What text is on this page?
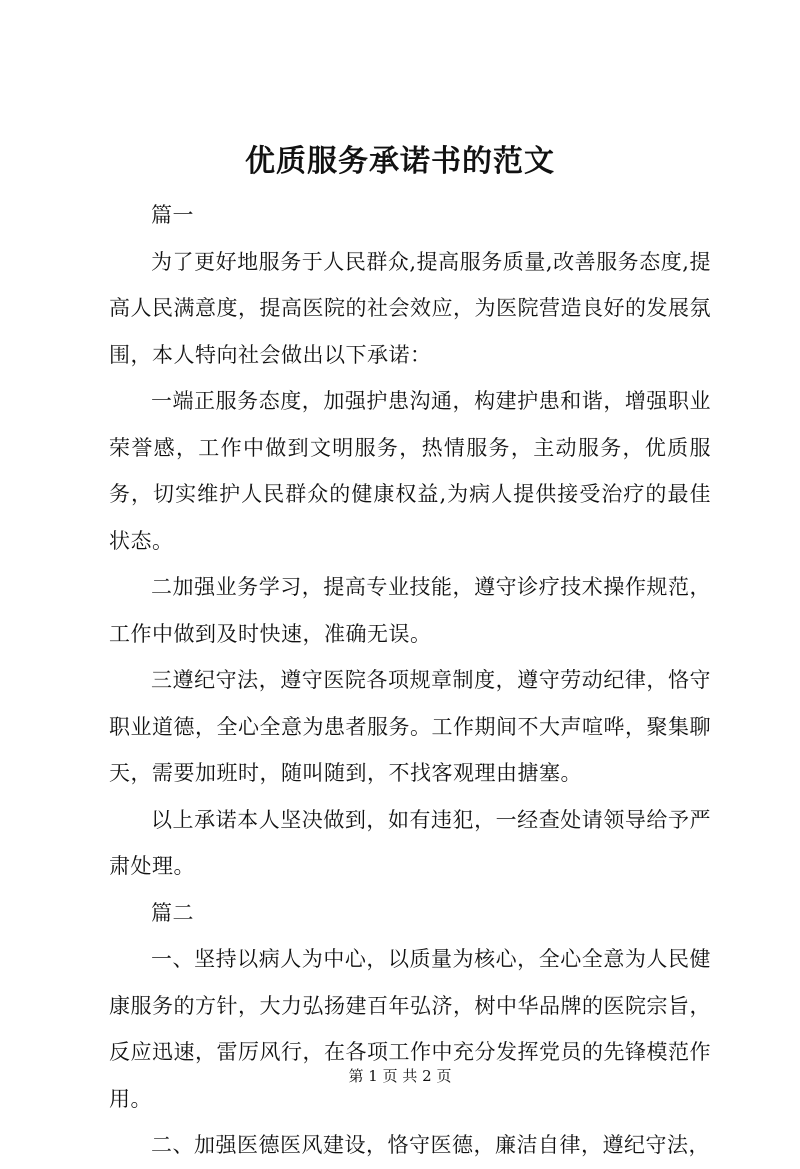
优质服务承诺书的范文

篇一

为了更好地服务于人民群众,提高服务质量,改善服务态度,提高人民满意度，提高医院的社会效应，为医院营造良好的发展氛围，本人特向社会做出以下承诺：

一端正服务态度，加强护患沟通，构建护患和谐，增强职业荣誉感，工作中做到文明服务，热情服务，主动服务，优质服务，切实维护人民群众的健康权益,为病人提供接受治疗的最佳状态。

二加强业务学习，提高专业技能，遵守诊疗技术操作规范，工作中做到及时快速，准确无误。

三遵纪守法，遵守医院各项规章制度，遵守劳动纪律，恪守职业道德，全心全意为患者服务。工作期间不大声喧哗，聚集聊天，需要加班时，随叫随到，不找客观理由搪塞。

以上承诺本人坚决做到，如有违犯，一经查处请领导给予严肃处理。

篇二

一、坚持以病人为中心，以质量为核心，全心全意为人民健康服务的方针，大力弘扬建百年弘济，树中华品牌的医院宗旨，反应迅速，雷厉风行，在各项工作中充分发挥党员的先锋模范作用。

二、加强医德医风建设，恪守医德，廉洁自律，遵纪守法，

第 1 页 共 2 页
